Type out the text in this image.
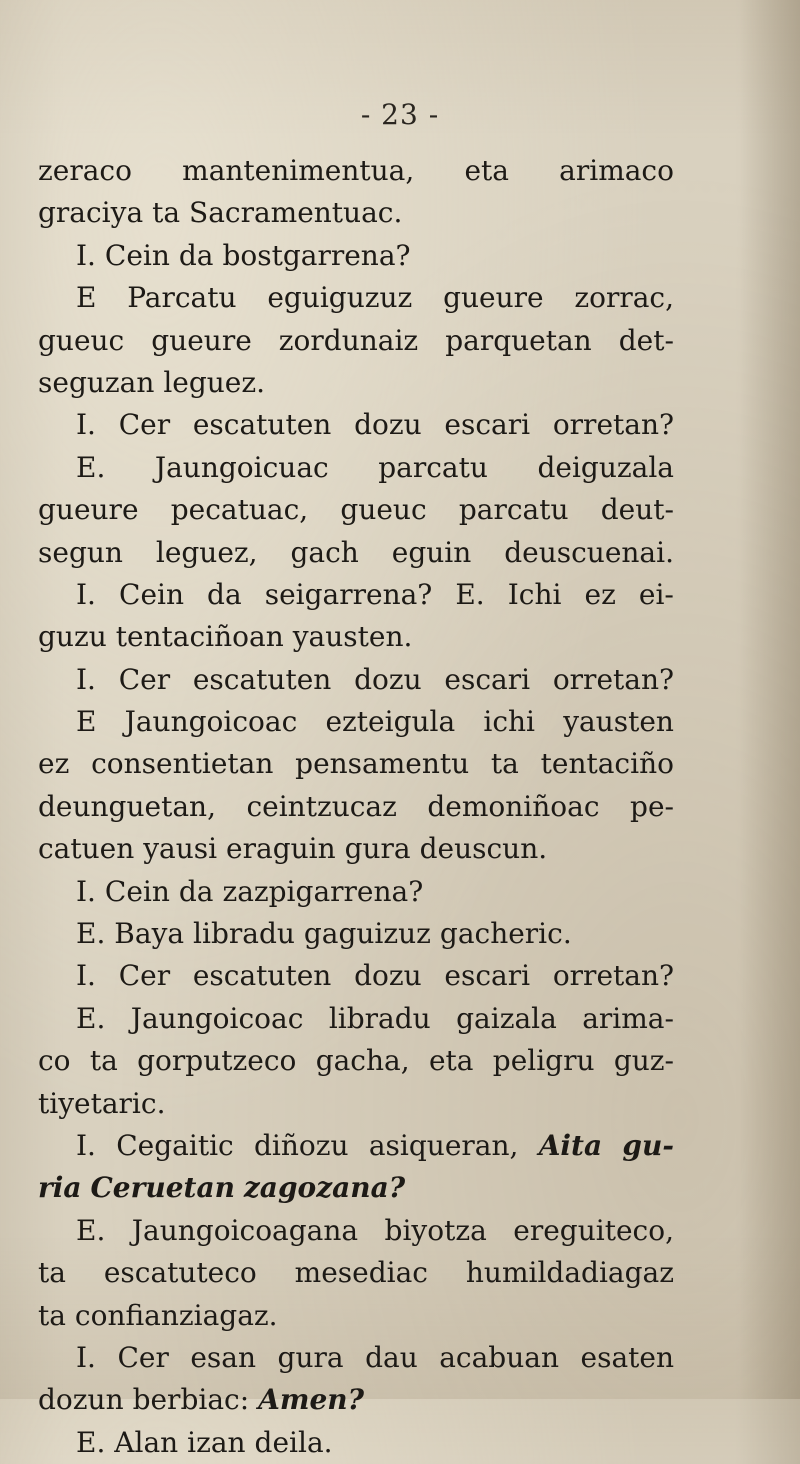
- 23 -
zeraco mantenimentua, eta arimaco
graciya ta Sacramentuac.
I. Cein da bostgarrena?
E Parcatu eguiguzuz gueure zorrac,
gueuc gueure zordunaiz parquetan det-
seguzan leguez.
I. Cer escatuten dozu escari orretan?
E. Jaungoicuac parcatu deiguzala
gueure pecatuac, gueuc parcatu deut-
segun leguez, gach eguin deuscuenai.
I. Cein da seigarrena? E. Ichi ez ei-
guzu tentaciñoan yausten.
I. Cer escatuten dozu escari orretan?
E Jaungoicoac ezteigula ichi yausten
ez consentietan pensamentu ta tentaciño
deunguetan, ceintzucaz demoniñoac pe-
catuen yausi eraguin gura deuscun.
I. Cein da zazpigarrena?
E. Baya libradu gaguizuz gacheric.
I. Cer escatuten dozu escari orretan?
E. Jaungoicoac libradu gaizala arima-
co ta gorputzeco gacha, eta peligru guz-
tiyetaric.
I. Cegaitic diñozu asiqueran, Aita gu-
ria Ceruetan zagozana?
E. Jaungoicoagana biyotza ereguiteco,
ta escatuteco mesediac humildadiagaz
ta confianziagaz.
I. Cer esan gura dau acabuan esaten
dozun berbiac: Amen?
E. Alan izan deila.
